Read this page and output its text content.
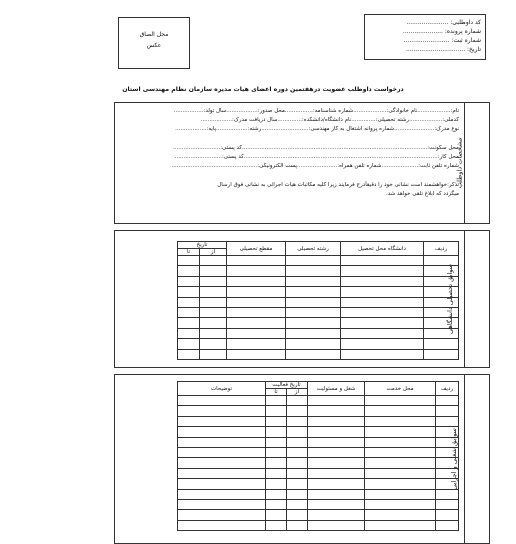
محل الصاق
عکس
کد داوطلبی: ......................
شماره پرونده: .....................
شماره ثبت: ........................
تاریخ: ...............................
درخواست داوطلب عضویت درهفتمین دوره اعضای هیات مدیره سازمان نظام مهندسی استان
مشخصات داوطلب
نام:...................نام خانوادگی:...................شماره شناسنامه:................محل صدور:..................سال تولد:.................
کدملی:...................رشته تحصیلی:..............نام دانشگاه/دانشکده:..............سال دریافت مدرک:..................
نوع مدرک:.......................شماره پروانه اشتغال به کار مهندسی:...........................رشته:..................پایه:..................

محل سکونت:..........................................................................................................کد پستی:...........................
محل کار:...............................................................................................................کد پستی:...........................
شماره تلفن ثابت:.....................شماره تلفن همراه:.......................پست الکترونیکی:.................................................

تذکر:خواهشمند است نشانی خود را دقیقاًدرج فرمایند زیرا کلیه مکاتبات هیات اجرائی به نشانی فوق ارسال
میگردد که ابلاغ تلقی خواهد شد.
سوابق تحصیلی دانشگاهی
ردیف	دانشگاه محل تحصیل	رشته تحصیلی	مقطع تحصیلی	تاریخ	
				از	تا

سوابق شغلی و اجرایی
ردیف	محل خدمت	شغل و مسئولیت	تاریخ فعالیت		توضیحات
			از	تا	
